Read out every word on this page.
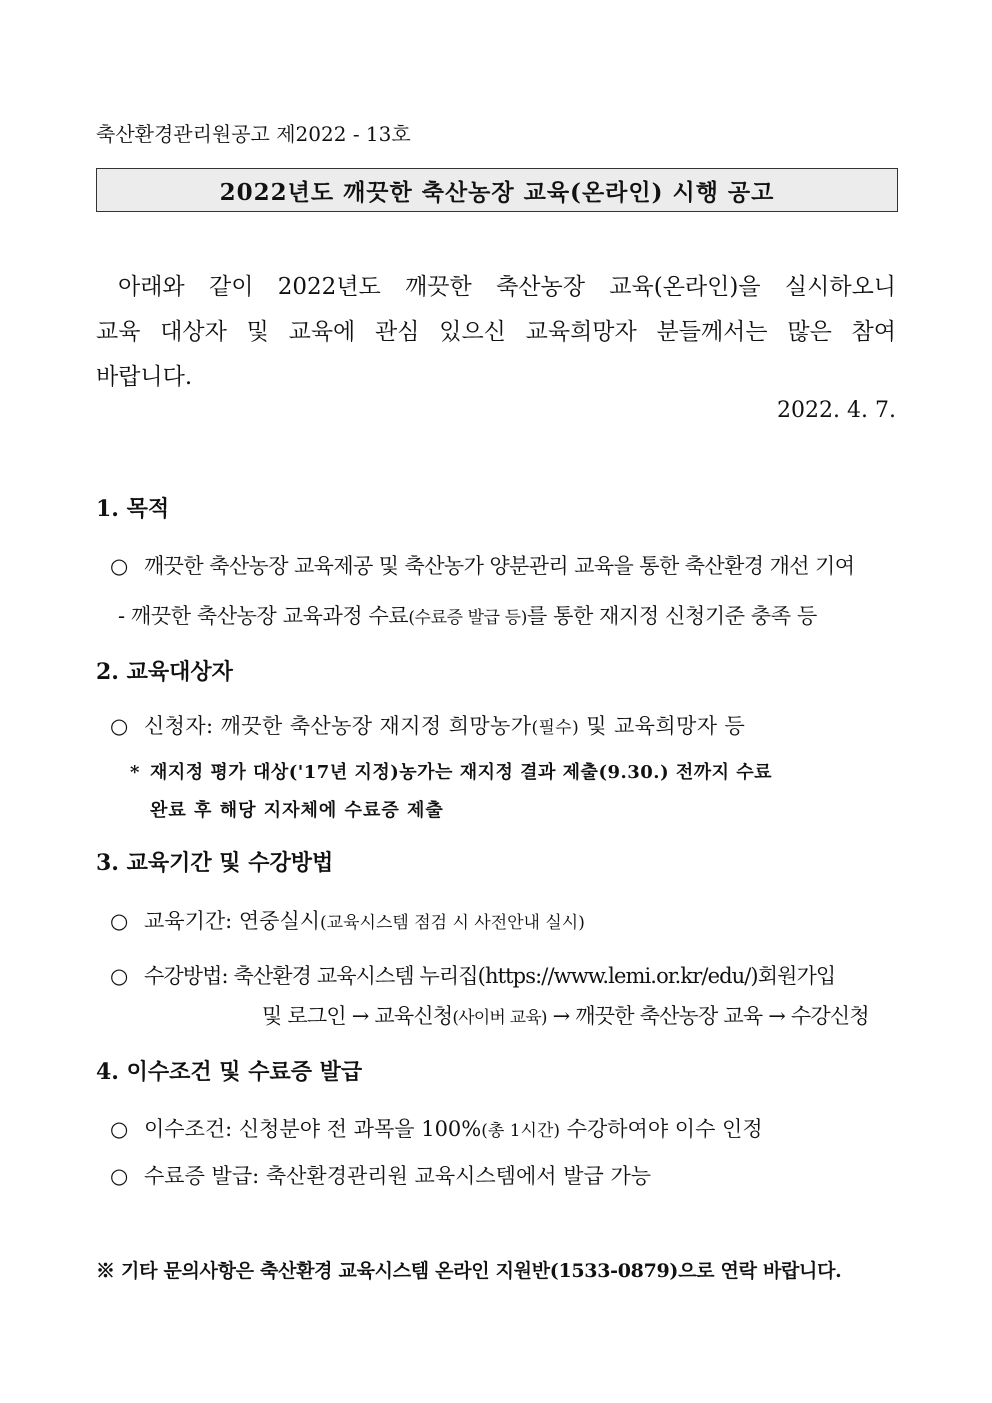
축산환경관리원공고 제2022 - 13호
2022년도 깨끗한 축산농장 교육(온라인) 시행 공고

아래와 같이 2022년도 깨끗한 축산농장 교육(온라인)을 실시하오니

교육 대상자 및 교육에 관심 있으신 교육희망자 분들께서는 많은 참여

바랍니다.

2022. 4. 7.
1. 목적
○ 깨끗한 축산농장 교육제공 및 축산농가 양분관리 교육을 통한 축산환경 개선 기여
- 깨끗한 축산농장 교육과정 수료(수료증 발급 등)를 통한 재지정 신청기준 충족 등
2. 교육대상자
○ 신청자: 깨끗한 축산농장 재지정 희망농가(필수) 및 교육희망자 등
* 재지정 평가 대상('17년 지정)농가는 재지정 결과 제출(9.30.) 전까지 수료
완료 후 해당 지자체에 수료증 제출
3. 교육기간 및 수강방법
○ 교육기간: 연중실시(교육시스템 점검 시 사전안내 실시)
○ 수강방법: 축산환경 교육시스템 누리집(https://www.lemi.or.kr/edu/)회원가입
및 로그인 → 교육신청(사이버 교육) → 깨끗한 축산농장 교육 → 수강신청
4. 이수조건 및 수료증 발급
○ 이수조건: 신청분야 전 과목을 100%(총 1시간) 수강하여야 이수 인정
○ 수료증 발급: 축산환경관리원 교육시스템에서 발급 가능
※ 기타 문의사항은 축산환경 교육시스템 온라인 지원반(1533-0879)으로 연락 바랍니다.
